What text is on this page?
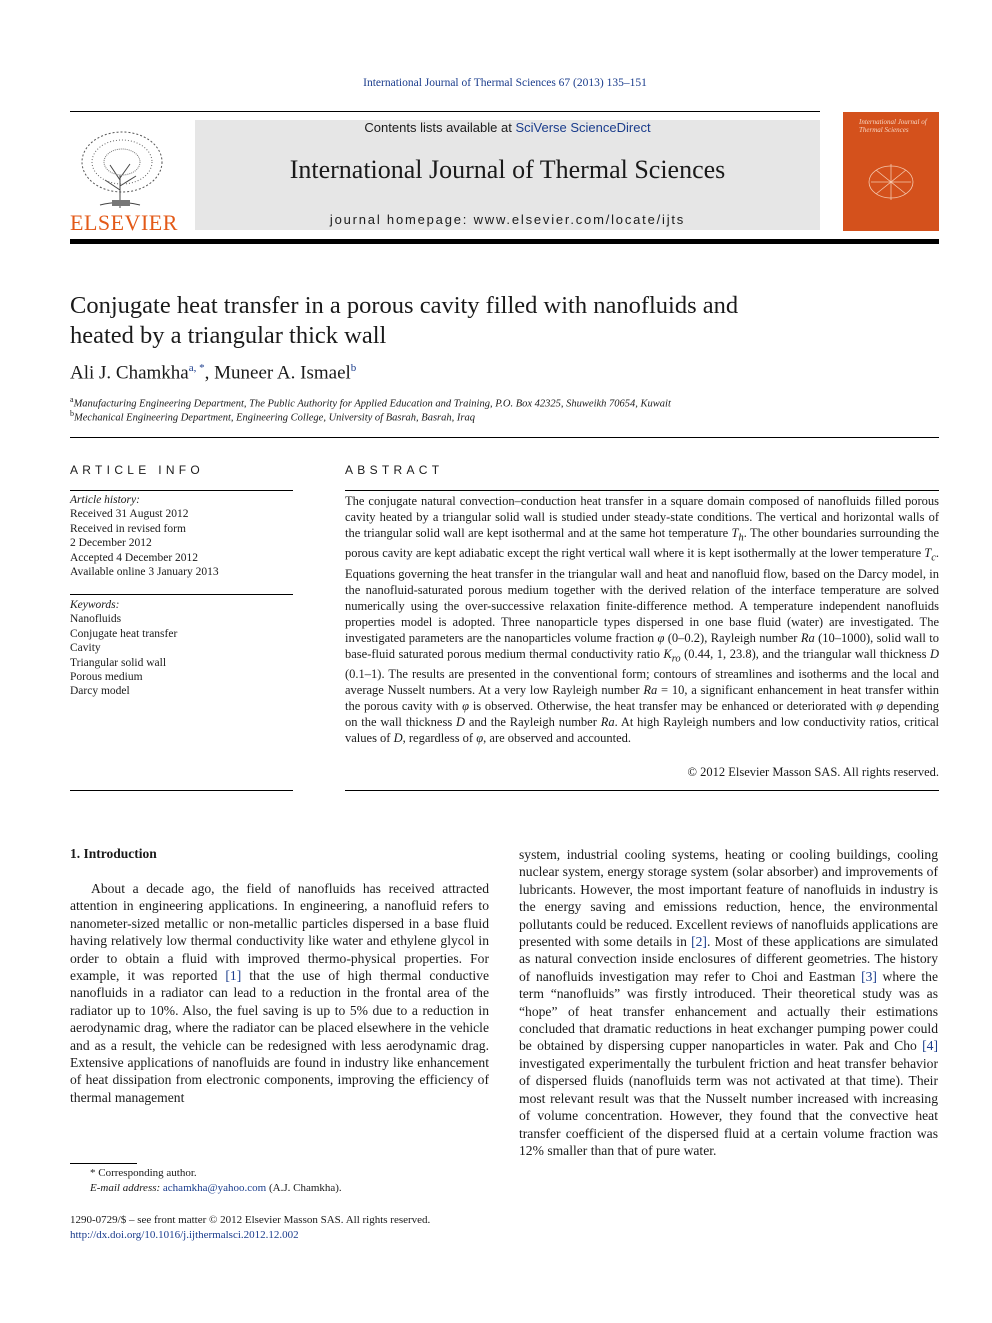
International Journal of Thermal Sciences 67 (2013) 135–151
Contents lists available at SciVerse ScienceDirect
International Journal of Thermal Sciences
journal homepage: www.elsevier.com/locate/ijts
ELSEVIER
International Journal of Thermal Sciences
Conjugate heat transfer in a porous cavity filled with nanofluids and
heated by a triangular thick wall
Ali J. Chamkha$^{a, *}$, Muneer A. Ismael$^b$
$^a$Manufacturing Engineering Department, The Public Authority for Applied Education and Training, P.O. Box 42325, Shuweikh 70654, Kuwait
$^b$Mechanical Engineering Department, Engineering College, University of Basrah, Basrah, Iraq
ARTICLE INFO
Article history:
Received 31 August 2012
Received in revised form
2 December 2012
Accepted 4 December 2012
Available online 3 January 2013
Keywords:
Nanofluids
Conjugate heat transfer
Cavity
Triangular solid wall
Porous medium
Darcy model
ABSTRACT
The conjugate natural convection–conduction heat transfer in a square domain composed of nanofluids filled porous cavity heated by a triangular solid wall is studied under steady-state conditions. The vertical and horizontal walls of the triangular solid wall are kept isothermal and at the same hot temperature $T_h$. The other boundaries surrounding the porous cavity are kept adiabatic except the right vertical wall where it is kept isothermally at the lower temperature $T_c$. Equations governing the heat transfer in the triangular wall and heat and nanofluid flow, based on the Darcy model, in the nanofluid-saturated porous medium together with the derived relation of the interface temperature are solved numerically using the over-successive relaxation finite-difference method. A temperature independent nanofluids properties model is adopted. Three nanoparticle types dispersed in one base fluid (water) are investigated. The investigated parameters are the nanoparticles volume fraction φ (0–0.2), Rayleigh number Ra (10–1000), solid wall to base-fluid saturated porous medium thermal conductivity ratio $K_{ro}$ (0.44, 1, 23.8), and the triangular wall thickness D (0.1–1). The results are presented in the conventional form; contours of streamlines and isotherms and the local and average Nusselt numbers. At a very low Rayleigh number Ra = 10, a significant enhancement in heat transfer within the porous cavity with φ is observed. Otherwise, the heat transfer may be enhanced or deteriorated with φ depending on the wall thickness D and the Rayleigh number Ra. At high Rayleigh numbers and low conductivity ratios, critical values of D, regardless of φ, are observed and accounted.
© 2012 Elsevier Masson SAS. All rights reserved.
1. Introduction
About a decade ago, the field of nanofluids has received attracted attention in engineering applications. In engineering, a nanofluid refers to nanometer-sized metallic or non-metallic particles dispersed in a base fluid having relatively low thermal conductivity like water and ethylene glycol in order to obtain a fluid with improved thermo-physical properties. For example, it was reported [1] that the use of high thermal conductive nanofluids in a radiator can lead to a reduction in the frontal area of the radiator up to 10%. Also, the fuel saving is up to 5% due to a reduction in aerodynamic drag, where the radiator can be placed elsewhere in the vehicle and as a result, the vehicle can be redesigned with less aerodynamic drag. Extensive applications of nanofluids are found in industry like enhancement of heat dissipation from electronic components, improving the efficiency of thermal management
system, industrial cooling systems, heating or cooling buildings, cooling nuclear system, energy storage system (solar absorber) and improvements of lubricants. However, the most important feature of nanofluids in industry is the energy saving and emissions reduction, hence, the environmental pollutants could be reduced. Excellent reviews of nanofluids applications are presented with some details in [2]. Most of these applications are simulated as natural convection inside enclosures of different geometries. The history of nanofluids investigation may refer to Choi and Eastman [3] where the term “nanofluids” was firstly introduced. Their theoretical study was as “hope” of heat transfer enhancement and actually their estimations concluded that dramatic reductions in heat exchanger pumping power could be obtained by dispersing cupper nanoparticles in water. Pak and Cho [4] investigated experimentally the turbulent friction and heat transfer behavior of dispersed fluids (nanofluids term was not activated at that time). Their most relevant result was that the Nusselt number increased with increasing of volume concentration. However, they found that the convective heat transfer coefficient of the dispersed fluid at a certain volume fraction was 12% smaller than that of pure water.
* Corresponding author.
E-mail address: achamkha@yahoo.com (A.J. Chamkha).
1290-0729/$ – see front matter © 2012 Elsevier Masson SAS. All rights reserved.
http://dx.doi.org/10.1016/j.ijthermalsci.2012.12.002
